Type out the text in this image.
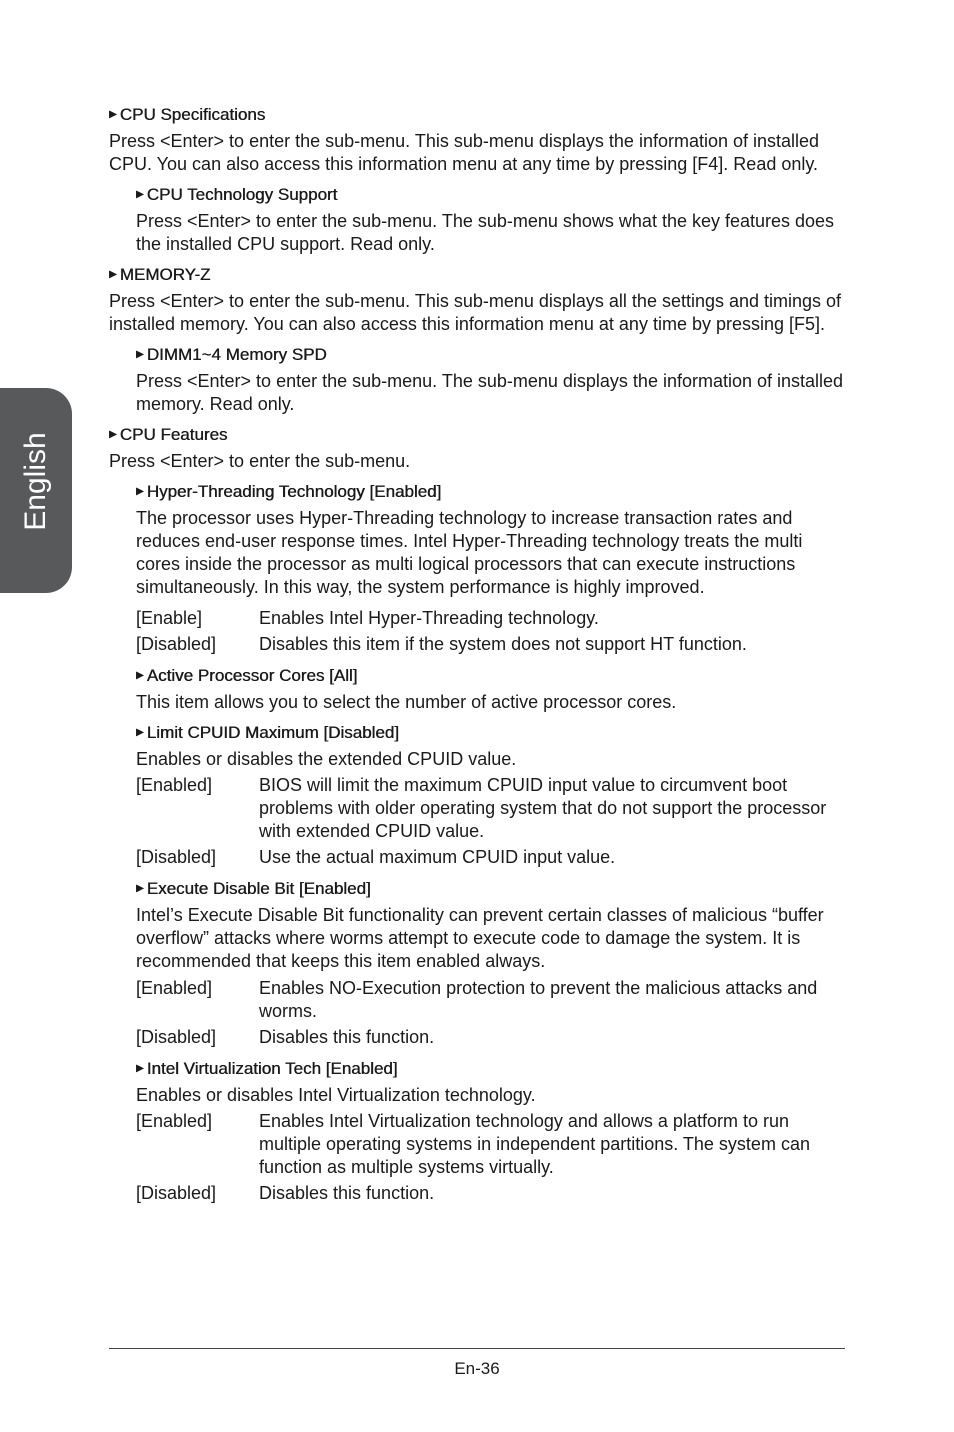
English
▶ CPU Specifications
Press <Enter> to enter the sub-menu. This sub-menu displays the information of installed CPU. You can also access this information menu at any time by pressing [F4]. Read only.
▶ CPU Technology Support
Press <Enter> to enter the sub-menu. The sub-menu shows what the key features does the installed CPU support. Read only.
▶ MEMORY-Z
Press <Enter> to enter the sub-menu. This sub-menu displays all the settings and timings of installed memory. You can also access this information menu at any time by pressing [F5].
▶ DIMM1~4 Memory SPD
Press <Enter> to enter the sub-menu. The sub-menu displays the information of installed memory. Read only.
▶ CPU Features
Press <Enter> to enter the sub-menu.
▶ Hyper-Threading Technology [Enabled]
The processor uses Hyper-Threading technology to increase transaction rates and reduces end-user response times. Intel Hyper-Threading technology treats the multi cores inside the processor as multi logical processors that can execute instructions simultaneously. In this way, the system performance is highly improved.
[Enable]	Enables Intel Hyper-Threading technology.
[Disabled]	Disables this item if the system does not support HT function.
▶ Active Processor Cores [All]
This item allows you to select the number of active processor cores.
▶ Limit CPUID Maximum [Disabled]
Enables or disables the extended CPUID value.
[Enabled]	BIOS will limit the maximum CPUID input value to circumvent boot problems with older operating system that do not support the processor with extended CPUID value.
[Disabled]	Use the actual maximum CPUID input value.
▶ Execute Disable Bit [Enabled]
Intel’s Execute Disable Bit functionality can prevent certain classes of malicious “buffer overflow” attacks where worms attempt to execute code to damage the system. It is recommended that keeps this item enabled always.
[Enabled]	Enables NO-Execution protection to prevent the malicious attacks and worms.
[Disabled]	Disables this function.
▶ Intel Virtualization Tech [Enabled]
Enables or disables Intel Virtualization technology.
[Enabled]	Enables Intel Virtualization technology and allows a platform to run multiple operating systems in independent partitions. The system can function as multiple systems virtually.
[Disabled]	Disables this function.
En-36
